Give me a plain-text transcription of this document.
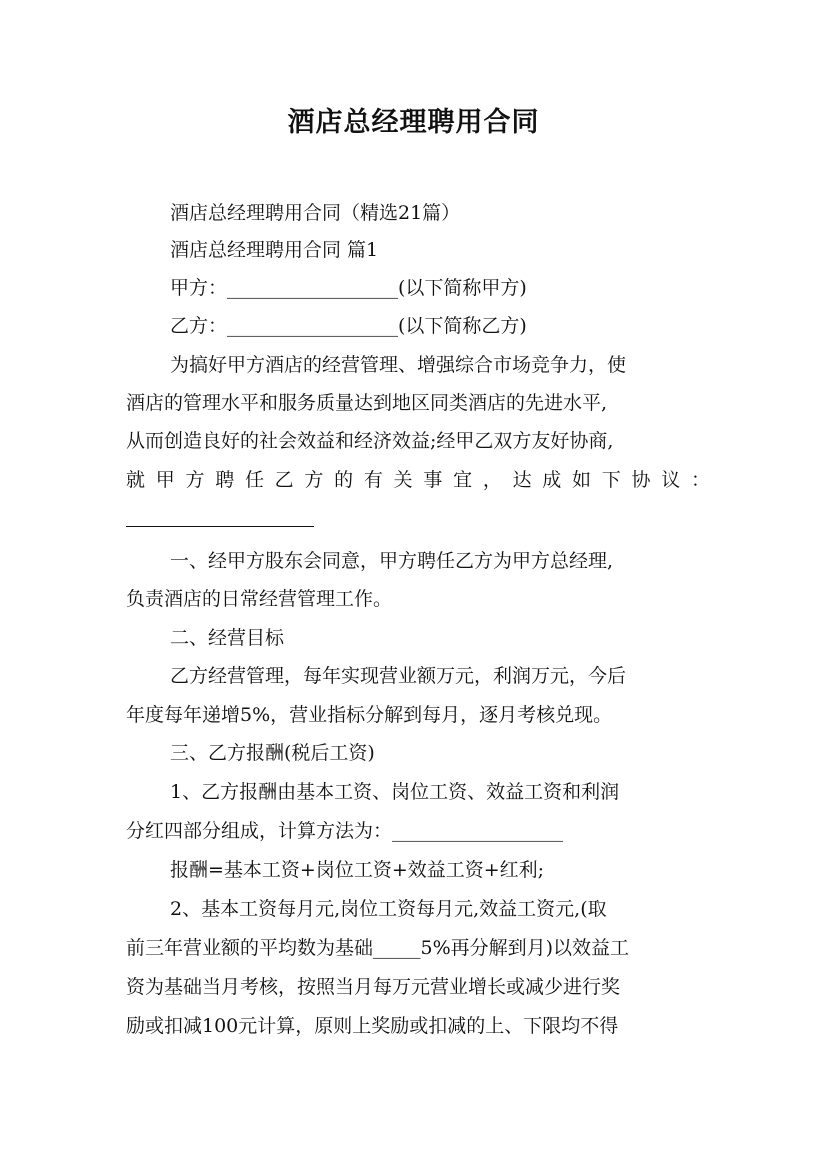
酒店总经理聘用合同
酒店总经理聘用合同（精选21篇）
酒店总经理聘用合同 篇1
甲方：__________________(以下简称甲方)
乙方：__________________(以下简称乙方)
为搞好甲方酒店的经营管理、增强综合市场竞争力，使
酒店的管理水平和服务质量达到地区同类酒店的先进水平,
从而创造良好的社会效益和经济效益;经甲乙双方友好协商,
就甲方聘任乙方的有关事宜，达成如下协议：
一、经甲方股东会同意，甲方聘任乙方为甲方总经理,
负责酒店的日常经营管理工作。
二、经营目标
乙方经营管理，每年实现营业额万元，利润万元，今后
年度每年递增5%，营业指标分解到每月，逐月考核兑现。
三、乙方报酬(税后工资)
1、乙方报酬由基本工资、岗位工资、效益工资和利润
分红四部分组成，计算方法为：__________________
报酬=基本工资+岗位工资+效益工资+红利;
2、基本工资每月元,岗位工资每月元,效益工资元,(取
前三年营业额的平均数为基础_____5%再分解到月)以效益工
资为基础当月考核，按照当月每万元营业增长或减少进行奖
励或扣减100元计算，原则上奖励或扣减的上、下限均不得
